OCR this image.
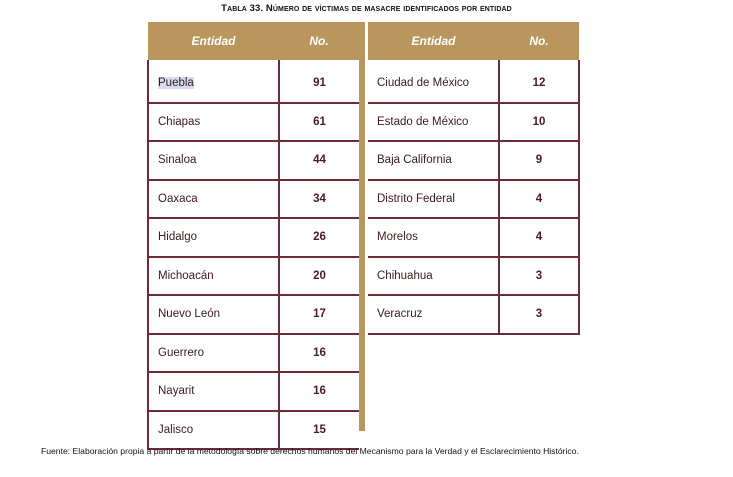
Tabla 33. Número de víctimas de masacre identificados por entidad
Entidad	No.

Puebla	91
Chiapas	61
Sinaloa	44
Oaxaca	34
Hidalgo	26
Michoacán	20
Nuevo León	17
Guerrero	16
Nayarit	16
Jalisco	15
Entidad	No.

Ciudad de México	12
Estado de México	10
Baja California	9
Distrito Federal	4
Morelos	4
Chihuahua	3
Veracruz	3
Fuente: Elaboración propia a partir de la metodología sobre derechos humanos del Mecanismo para la Verdad y el Esclarecimiento Histórico.
